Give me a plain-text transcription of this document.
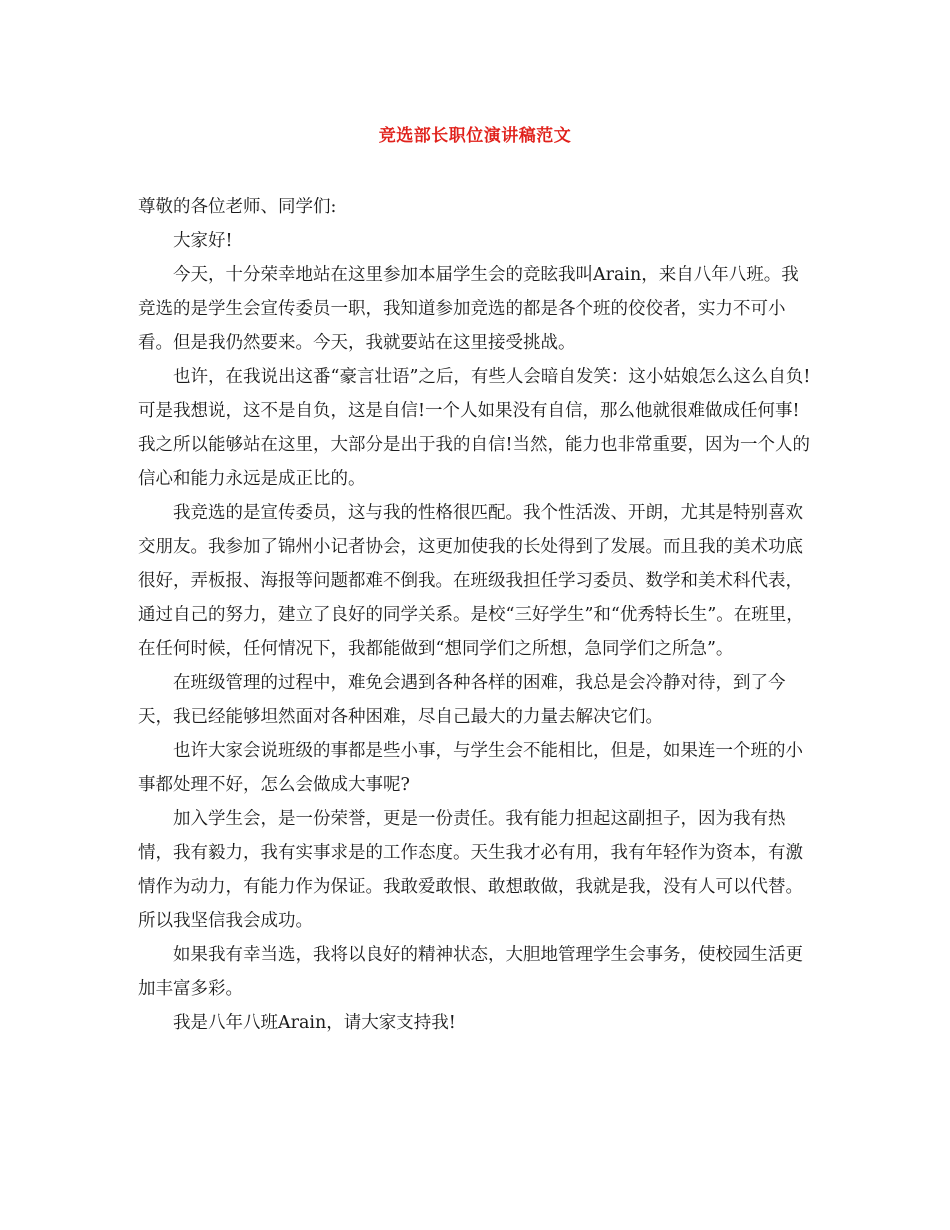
竞选部长职位演讲稿范文

尊敬的各位老师、同学们:

大家好!

今天，十分荣幸地站在这里参加本届学生会的竞眩我叫Arain，来自八年八班。我竞选的是学生会宣传委员一职，我知道参加竞选的都是各个班的佼佼者，实力不可小看。但是我仍然要来。今天，我就要站在这里接受挑战。

也许，在我说出这番“豪言壮语”之后，有些人会暗自发笑：这小姑娘怎么这么自负!可是我想说，这不是自负，这是自信!一个人如果没有自信，那么他就很难做成任何事!我之所以能够站在这里，大部分是出于我的自信!当然，能力也非常重要，因为一个人的信心和能力永远是成正比的。

我竞选的是宣传委员，这与我的性格很匹配。我个性活泼、开朗，尤其是特别喜欢交朋友。我参加了锦州小记者协会，这更加使我的长处得到了发展。而且我的美术功底很好，弄板报、海报等问题都难不倒我。在班级我担任学习委员、数学和美术科代表，通过自己的努力，建立了良好的同学关系。是校“三好学生”和“优秀特长生”。在班里，在任何时候，任何情况下，我都能做到“想同学们之所想，急同学们之所急”。

在班级管理的过程中，难免会遇到各种各样的困难，我总是会冷静对待，到了今天，我已经能够坦然面对各种困难，尽自己最大的力量去解决它们。

也许大家会说班级的事都是些小事，与学生会不能相比，但是，如果连一个班的小事都处理不好，怎么会做成大事呢?

加入学生会，是一份荣誉，更是一份责任。我有能力担起这副担子，因为我有热情，我有毅力，我有实事求是的工作态度。天生我才必有用，我有年轻作为资本，有激情作为动力，有能力作为保证。我敢爱敢恨、敢想敢做，我就是我，没有人可以代替。所以我坚信我会成功。

如果我有幸当选，我将以良好的精神状态，大胆地管理学生会事务，使校园生活更加丰富多彩。

我是八年八班Arain，请大家支持我!
